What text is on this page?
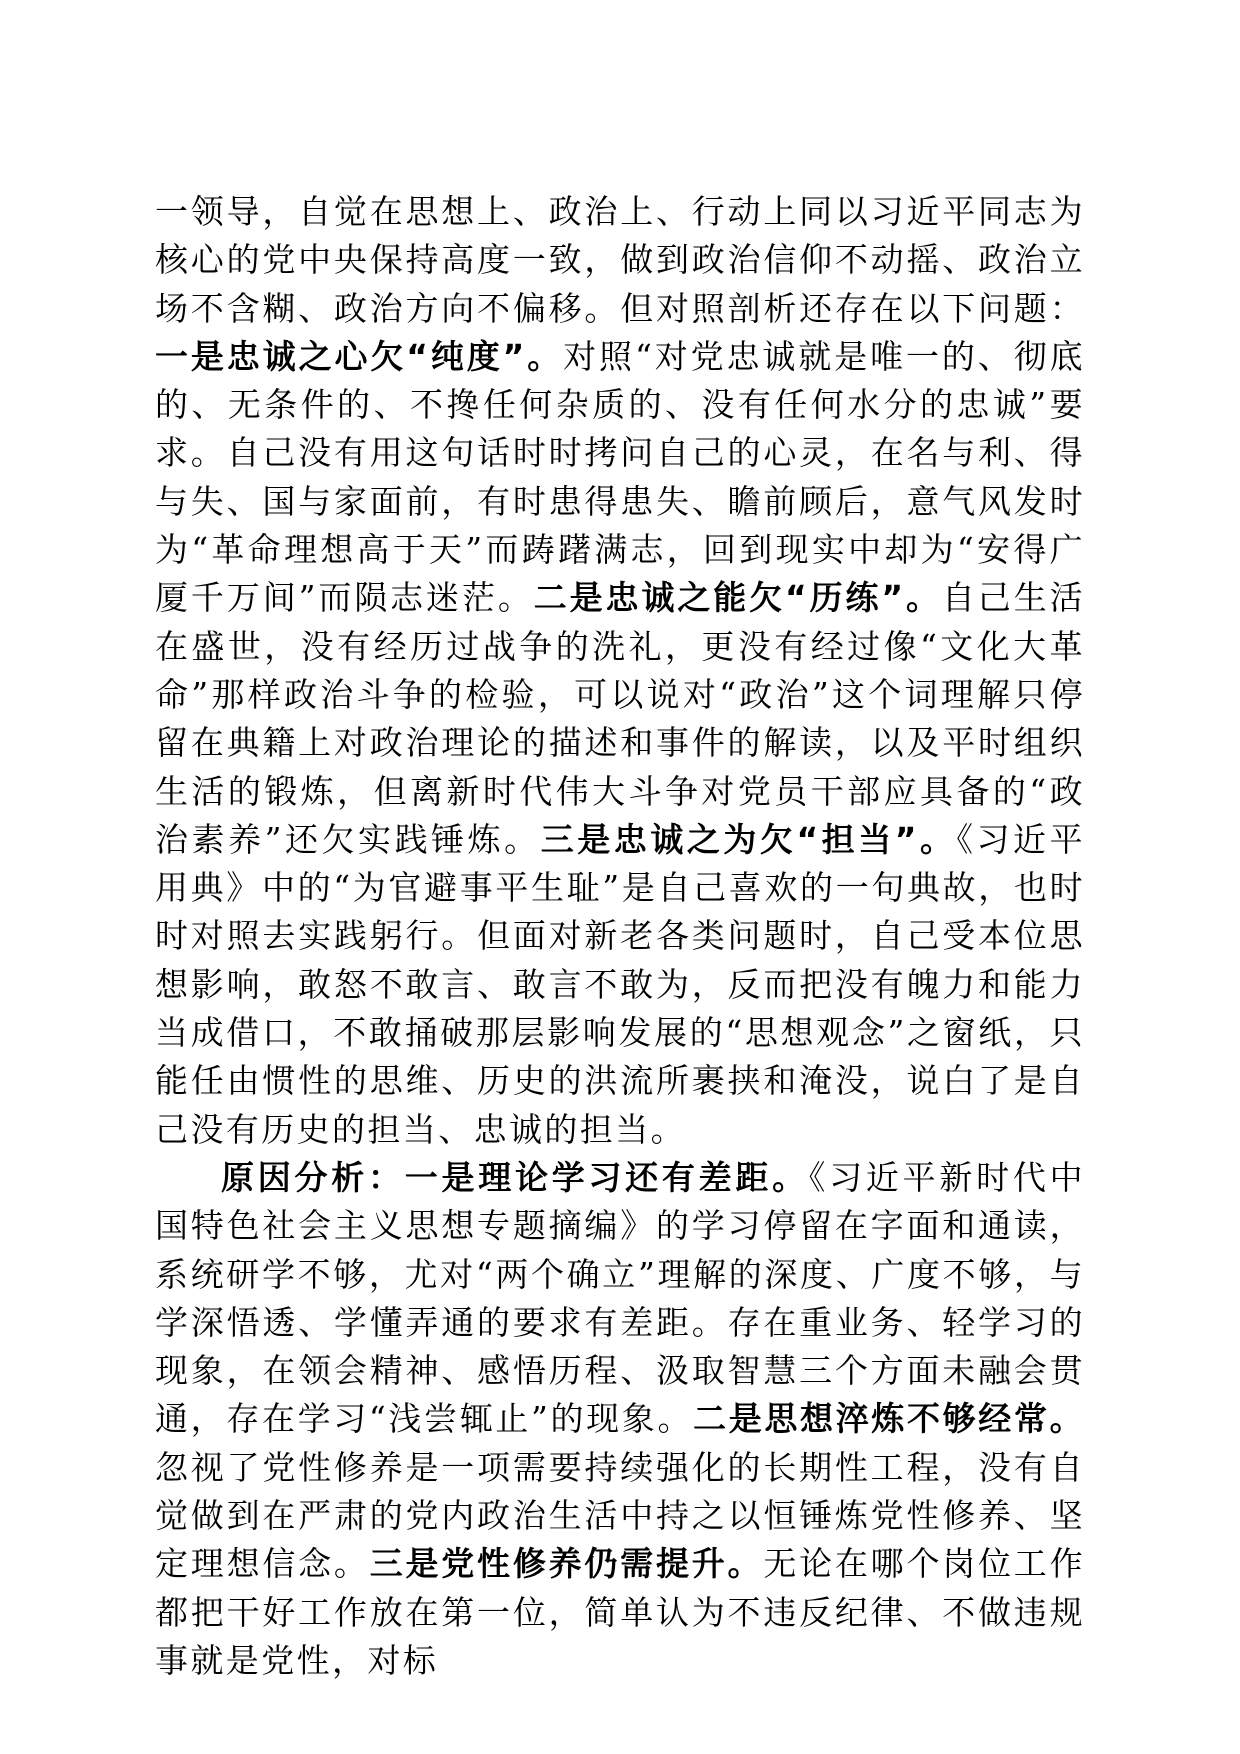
一领导，自觉在思想上、政治上、行动上同以习近平同志为核心的党中央保持高度一致，做到政治信仰不动摇、政治立场不含糊、政治方向不偏移。但对照剖析还存在以下问题：一是忠诚之心欠“纯度”。对照“对党忠诚就是唯一的、彻底的、无条件的、不搀任何杂质的、没有任何水分的忠诚”要求。自己没有用这句话时时拷问自己的心灵，在名与利、得与失、国与家面前，有时患得患失、瞻前顾后，意气风发时为“革命理想高于天”而踌躇满志，回到现实中却为“安得广厦千万间”而陨志迷茫。二是忠诚之能欠“历练”。自己生活在盛世，没有经历过战争的洗礼，更没有经过像“文化大革命”那样政治斗争的检验，可以说对“政治”这个词理解只停留在典籍上对政治理论的描述和事件的解读，以及平时组织生活的锻炼，但离新时代伟大斗争对党员干部应具备的“政治素养”还欠实践锤炼。三是忠诚之为欠“担当”。《习近平用典》中的“为官避事平生耻”是自己喜欢的一句典故，也时时对照去实践躬行。但面对新老各类问题时，自己受本位思想影响，敢怒不敢言、敢言不敢为，反而把没有魄力和能力当成借口，不敢捅破那层影响发展的“思想观念”之窗纸，只能任由惯性的思维、历史的洪流所裹挟和淹没，说白了是自己没有历史的担当、忠诚的担当。

原因分析：一是理论学习还有差距。《习近平新时代中国特色社会主义思想专题摘编》的学习停留在字面和通读，系统研学不够，尤对“两个确立”理解的深度、广度不够，与学深悟透、学懂弄通的要求有差距。存在重业务、轻学习的现象，在领会精神、感悟历程、汲取智慧三个方面未融会贯通，存在学习“浅尝辄止”的现象。二是思想淬炼不够经常。忽视了党性修养是一项需要持续强化的长期性工程，没有自觉做到在严肃的党内政治生活中持之以恒锤炼党性修养、坚定理想信念。三是党性修养仍需提升。无论在哪个岗位工作都把干好工作放在第一位，简单认为不违反纪律、不做违规事就是党性，对标
